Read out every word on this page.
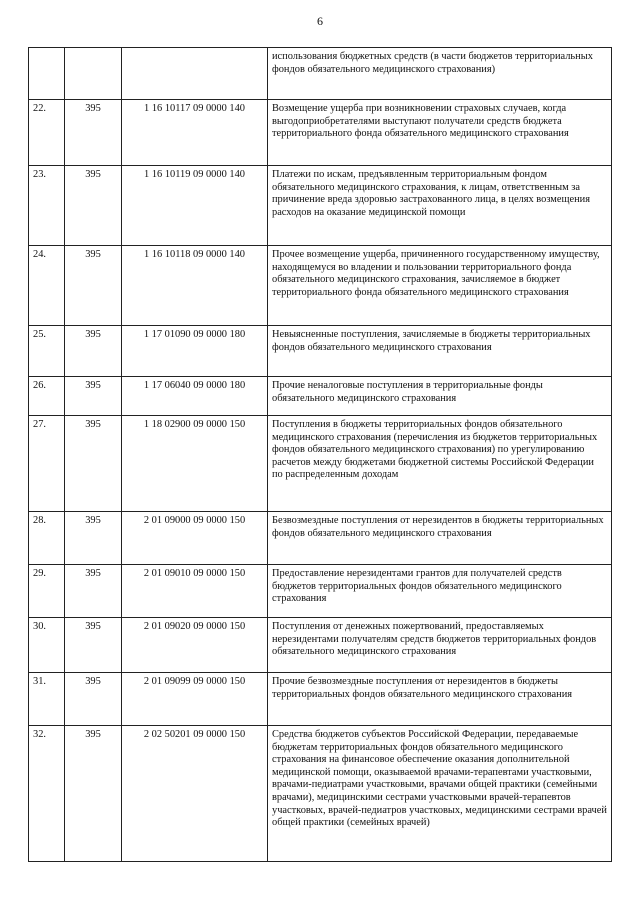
6
			использования бюджетных средств (в части бюджетов территориальных фондов обязательного медицинского страхования)
22.	395	1 16 10117 09 0000 140	Возмещение ущерба при возникновении страховых случаев, когда выгодоприобретателями выступают получатели средств бюджета территориального фонда обязательного медицинского страхования
23.	395	1 16 10119 09 0000 140	Платежи по искам, предъявленным территориальным фондом обязательного медицинского страхования, к лицам, ответственным за причинение вреда здоровью застрахованного лица, в целях возмещения расходов на оказание медицинской помощи
24.	395	1 16 10118 09 0000 140	Прочее возмещение ущерба, причиненного государственному имуществу, находящемуся во владении и пользовании территориального фонда обязательного медицинского страхования, зачисляемое в бюджет территориального фонда обязательного медицинского страхования
25.	395	1 17 01090 09 0000 180	Невыясненные поступления, зачисляемые в бюджеты территориальных фондов обязательного медицинского страхования
26.	395	1 17 06040 09 0000 180	Прочие неналоговые поступления в территориальные фонды обязательного медицинского страхования
27.	395	1 18 02900 09 0000 150	Поступления в бюджеты территориальных фондов обязательного медицинского страхования (перечисления из бюджетов территориальных фондов обязательного медицинского страхования) по урегулированию расчетов между бюджетами бюджетной системы Российской Федерации по распределенным доходам
28.	395	2 01 09000 09 0000 150	Безвозмездные поступления от нерезидентов в бюджеты территориальных фондов обязательного медицинского страхования
29.	395	2 01 09010 09 0000 150	Предоставление нерезидентами грантов для получателей средств бюджетов территориальных фондов обязательного медицинского страхования
30.	395	2 01 09020 09 0000 150	Поступления от денежных пожертвований, предоставляемых нерезидентами получателям средств бюджетов территориальных фондов обязательного медицинского страхования
31.	395	2 01 09099 09 0000 150	Прочие безвозмездные поступления от нерезидентов в бюджеты территориальных фондов обязательного медицинского страхования
32.	395	2 02 50201 09 0000 150	Средства бюджетов субъектов Российской Федерации, передаваемые бюджетам территориальных фондов обязательного медицинского страхования на финансовое обеспечение оказания дополнительной медицинской помощи, оказываемой врачами-терапевтами участковыми, врачами-педиатрами участковыми, врачами общей практики (семейными врачами), медицинскими сестрами участковыми врачей-терапевтов участковых, врачей-педиатров участковых, медицинскими сестрами врачей общей практики (семейных врачей)
